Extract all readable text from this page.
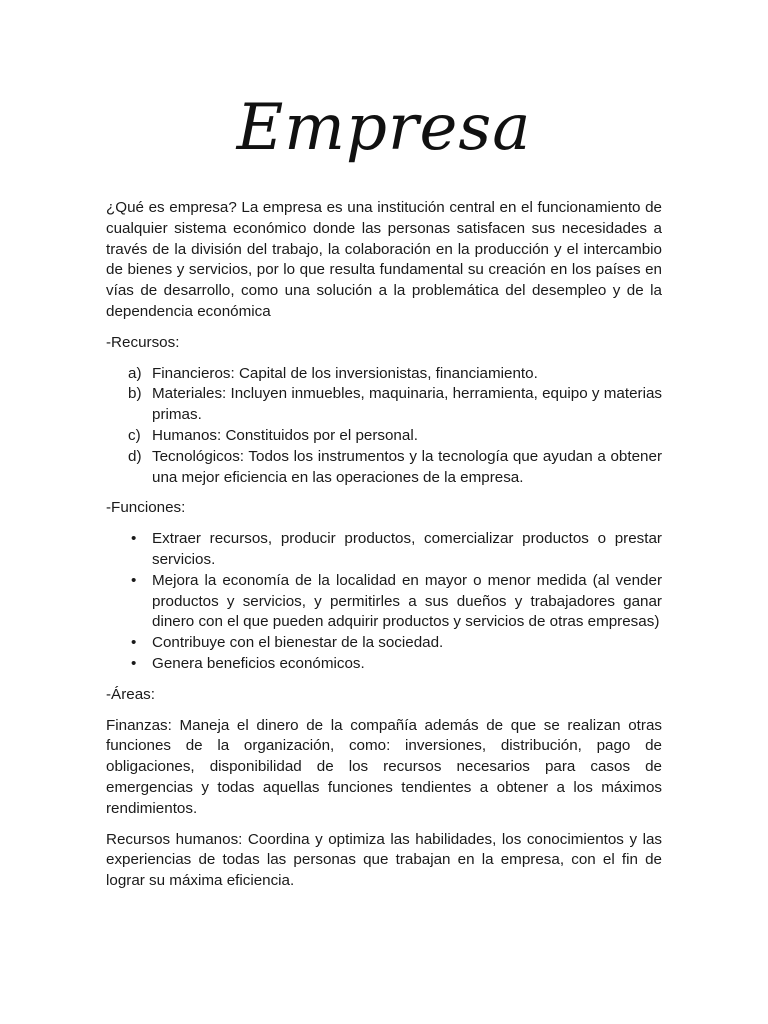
Empresa

¿Qué es empresa? La empresa es una institución central en el funcionamiento de cualquier sistema económico donde las personas satisfacen sus necesidades a través de la división del trabajo, la colaboración en la producción y el intercambio de bienes y servicios, por lo que resulta fundamental su creación en los países en vías de desarrollo, como una solución a la problemática del desempleo y de la dependencia económica

-Recursos:

a) Financieros: Capital de los inversionistas, financiamiento.
b) Materiales: Incluyen inmuebles, maquinaria, herramienta, equipo y materias primas.
c) Humanos: Constituidos por el personal.
d) Tecnológicos: Todos los instrumentos y la tecnología que ayudan a obtener una mejor eficiencia en las operaciones de la empresa.

-Funciones:

• Extraer recursos, producir productos, comercializar productos o prestar servicios.
• Mejora la economía de la localidad en mayor o menor medida (al vender productos y servicios, y permitirles a sus dueños y trabajadores ganar dinero con el que pueden adquirir productos y servicios de otras empresas)
• Contribuye con el bienestar de la sociedad.
• Genera beneficios económicos.

-Áreas:

Finanzas: Maneja el dinero de la compañía además de que se realizan otras funciones de la organización, como: inversiones, distribución, pago de obligaciones, disponibilidad de los recursos necesarios para casos de emergencias y todas aquellas funciones tendientes a obtener a los máximos rendimientos.

Recursos humanos: Coordina y optimiza las habilidades, los conocimientos y las experiencias de todas las personas que trabajan en la empresa, con el fin de lograr su máxima eficiencia.
